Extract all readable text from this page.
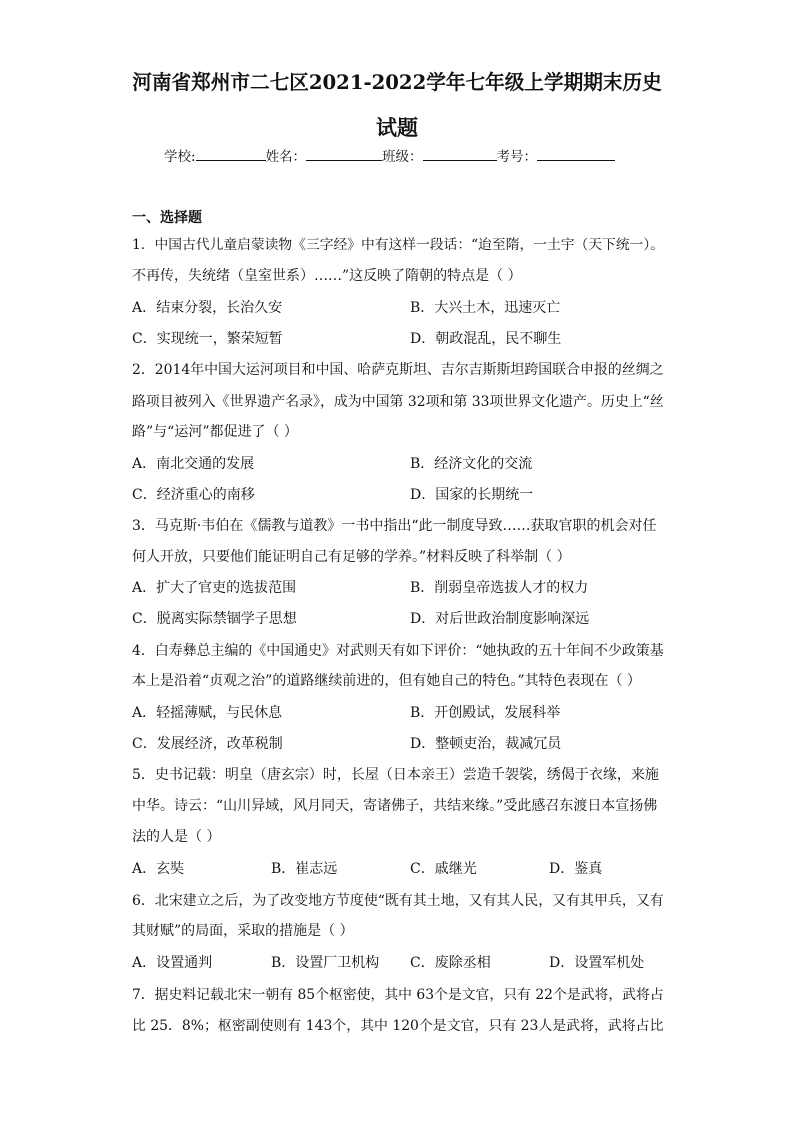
河南省郑州市二七区2021-2022学年七年级上学期期末历史
试题
学校:	姓名：	班级：	考号：
一、选择题
1．中国古代儿童启蒙读物《三字经》中有这样一段话：“迨至隋，一土宇（天下统一）。
不再传，失统绪（皇室世系）……”这反映了隋朝的特点是（ ）
A．结束分裂，长治久安	B．大兴土木，迅速灭亡
C．实现统一，繁荣短暂	D．朝政混乱，民不聊生
2．2014年中国大运河项目和中国、哈萨克斯坦、吉尔吉斯斯坦跨国联合申报的丝绸之
路项目被列入《世界遗产名录》，成为中国第 32项和第 33项世界文化遗产。历史上“丝
路”与“运河”都促进了（ ）
A．南北交通的发展	B．经济文化的交流
C．经济重心的南移	D．国家的长期统一
3．马克斯·韦伯在《儒教与道教》一书中指出“此一制度导致……获取官职的机会对任
何人开放，只要他们能证明自己有足够的学养。”材料反映了科举制（ ）
A．扩大了官吏的选拔范围	B．削弱皇帝选拔人才的权力
C．脱离实际禁锢学子思想	D．对后世政治制度影响深远
4．白寿彝总主编的《中国通史》对武则天有如下评价：“她执政的五十年间不少政策基
本上是沿着“贞观之治”的道路继续前进的，但有她自己的特色。”其特色表现在（ ）
A．轻摇薄赋，与民休息	B．开创殿试，发展科举
C．发展经济，改革税制	D．整顿吏治，裁减冗员
5．史书记载：明皇（唐玄宗）时，长屋（日本亲王）尝造千袈裟，绣偈于衣缘，来施
中华。诗云：“山川异域，风月同天，寄诸佛子，共结来缘。”受此感召东渡日本宣扬佛
法的人是（ ）
A．玄奘	B．崔志远	C．戚继光	D．鉴真
6．北宋建立之后，为了改变地方节度使“既有其土地，又有其人民，又有其甲兵，又有
其财赋”的局面，采取的措施是（ ）
A．设置通判	B．设置厂卫机构 C．废除丞相	D．设置军机处
7．据史料记载北宋一朝有 85个枢密使，其中 63个是文官，只有 22个是武将，武将占
比 25．8%；枢密副使则有 143个，其中 120个是文官，只有 23人是武将，武将占比
